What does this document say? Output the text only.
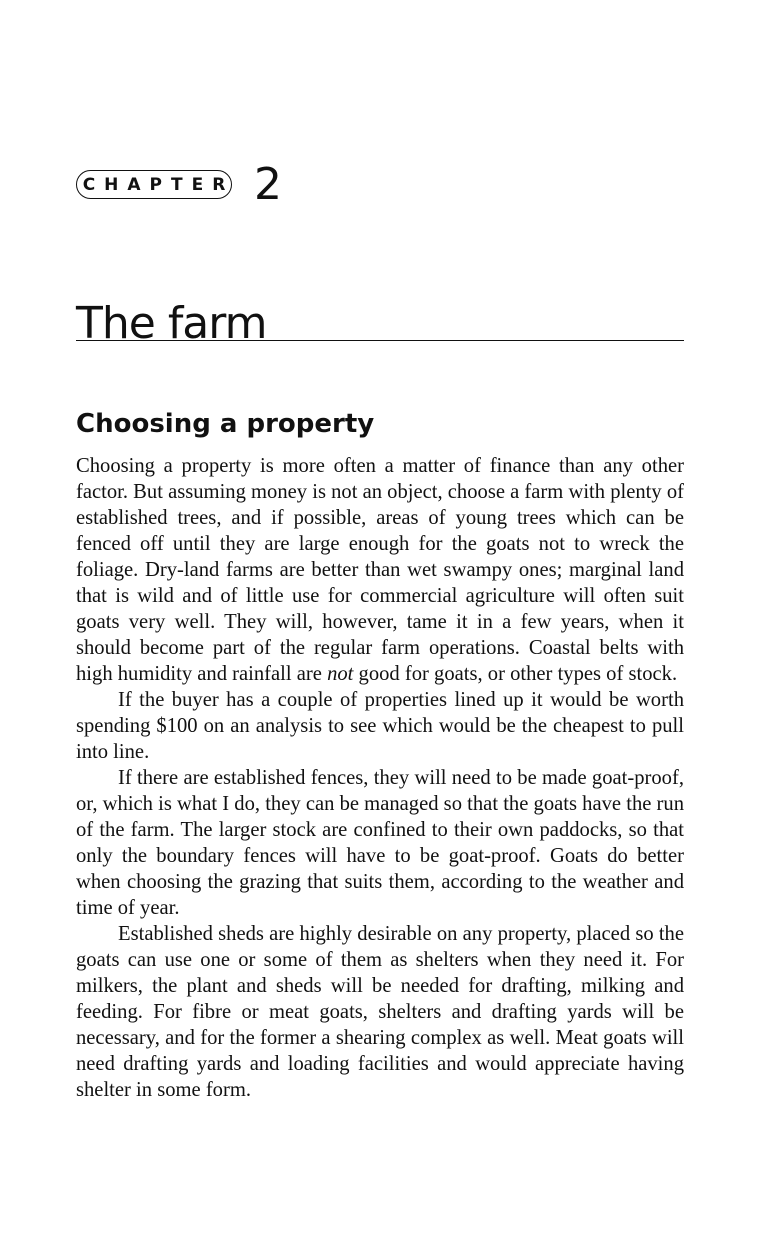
CHAPTER 2
The farm
Choosing a property

Choosing a property is more often a matter of finance than any other factor. But assuming money is not an object, choose a farm with plenty of established trees, and if possible, areas of young trees which can be fenced off until they are large enough for the goats not to wreck the foliage. Dry-land farms are better than wet swampy ones; marginal land that is wild and of little use for commercial agriculture will often suit goats very well. They will, however, tame it in a few years, when it should become part of the regular farm operations. Coastal belts with high humidity and rainfall are not good for goats, or other types of stock.

If the buyer has a couple of properties lined up it would be worth spending $100 on an analysis to see which would be the cheapest to pull into line.

If there are established fences, they will need to be made goat-proof, or, which is what I do, they can be managed so that the goats have the run of the farm. The larger stock are confined to their own paddocks, so that only the boundary fences will have to be goat-proof. Goats do better when choosing the grazing that suits them, according to the weather and time of year.

Established sheds are highly desirable on any property, placed so the goats can use one or some of them as shelters when they need it. For milkers, the plant and sheds will be needed for drafting, milking and feeding. For fibre or meat goats, shelters and drafting yards will be necessary, and for the former a shearing complex as well. Meat goats will need drafting yards and loading facilities and would appreciate having shelter in some form.
